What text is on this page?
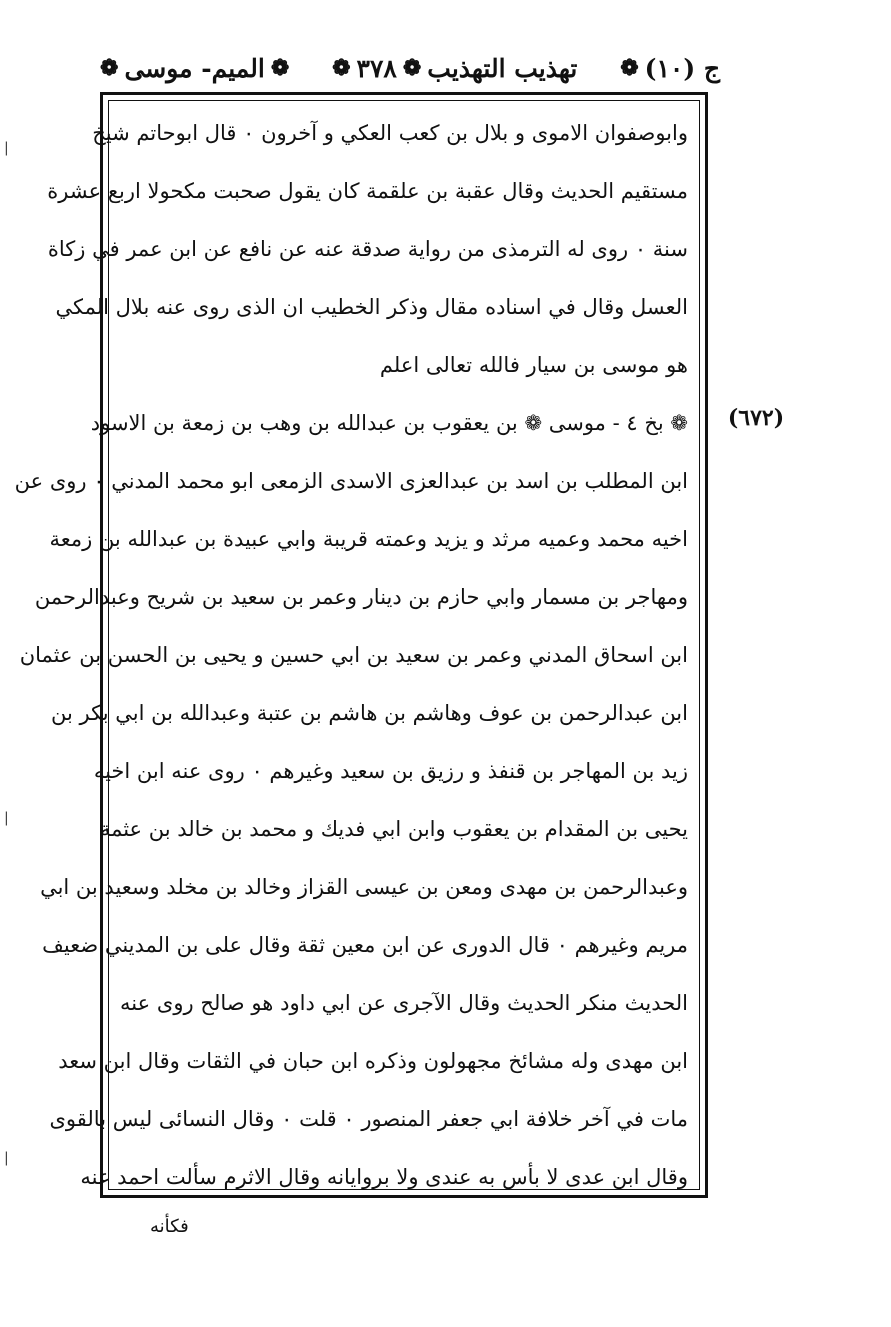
|
|
|
ج (١٠)
❁
تهذيب التهذيب
❁
٣٧٨
❁
❁
الميم- موسى
❁
(٦٧٢)
وابوصفوان الاموى و بلال بن كعب العكي و آخرون ٠ قال ابوحاتم شيخ
مستقيم الحديث وقال عقبة بن علقمة كان يقول صحبت مكحولا اربع عشرة
سنة ٠ روى له الترمذى من رواية صدقة عنه عن نافع عن ابن عمر في زكاة
العسل وقال في اسناده مقال وذكر الخطيب ان الذى روى عنه بلال المكي
هو موسى بن سيار فالله تعالى اعلم
❁ بخ ٤ - موسى ❁ بن يعقوب بن عبدالله بن وهب بن زمعة بن الاسود
ابن المطلب بن اسد بن عبدالعزى الاسدى الزمعى ابو محمد المدني ٠ روى عن
اخيه محمد وعميه مرثد و يزيد وعمته قريبة وابي عبيدة بن عبدالله بن زمعة
ومهاجر بن مسمار وابي حازم بن دينار وعمر بن سعيد بن شريح وعبدالرحمن
ابن اسحاق المدني وعمر بن سعيد بن ابي حسين و يحيى بن الحسن بن عثمان
ابن عبدالرحمن بن عوف وهاشم بن هاشم بن عتبة وعبدالله بن ابي بكر بن
زيد بن المهاجر بن قنفذ و رزيق بن سعيد وغيرهم ٠ روى عنه ابن اخيه
يحيى بن المقدام بن يعقوب وابن ابي فديك و محمد بن خالد بن عثمة
وعبدالرحمن بن مهدى ومعن بن عيسى القزاز وخالد بن مخلد وسعيد بن ابي
مريم وغيرهم ٠ قال الدورى عن ابن معين ثقة وقال على بن المديني ضعيف
الحديث منكر الحديث وقال الآجرى عن ابي داود هو صالح روى عنه
ابن مهدى وله مشائخ مجهولون وذكره ابن حبان في الثقات وقال ابن سعد
مات في آخر خلافة ابي جعفر المنصور ٠ قلت ٠ وقال النسائى ليس بالقوى
وقال ابن عدى لا بأس به عندى ولا بروايانه وقال الاثرم سألت احمد عنه
فكأنه
